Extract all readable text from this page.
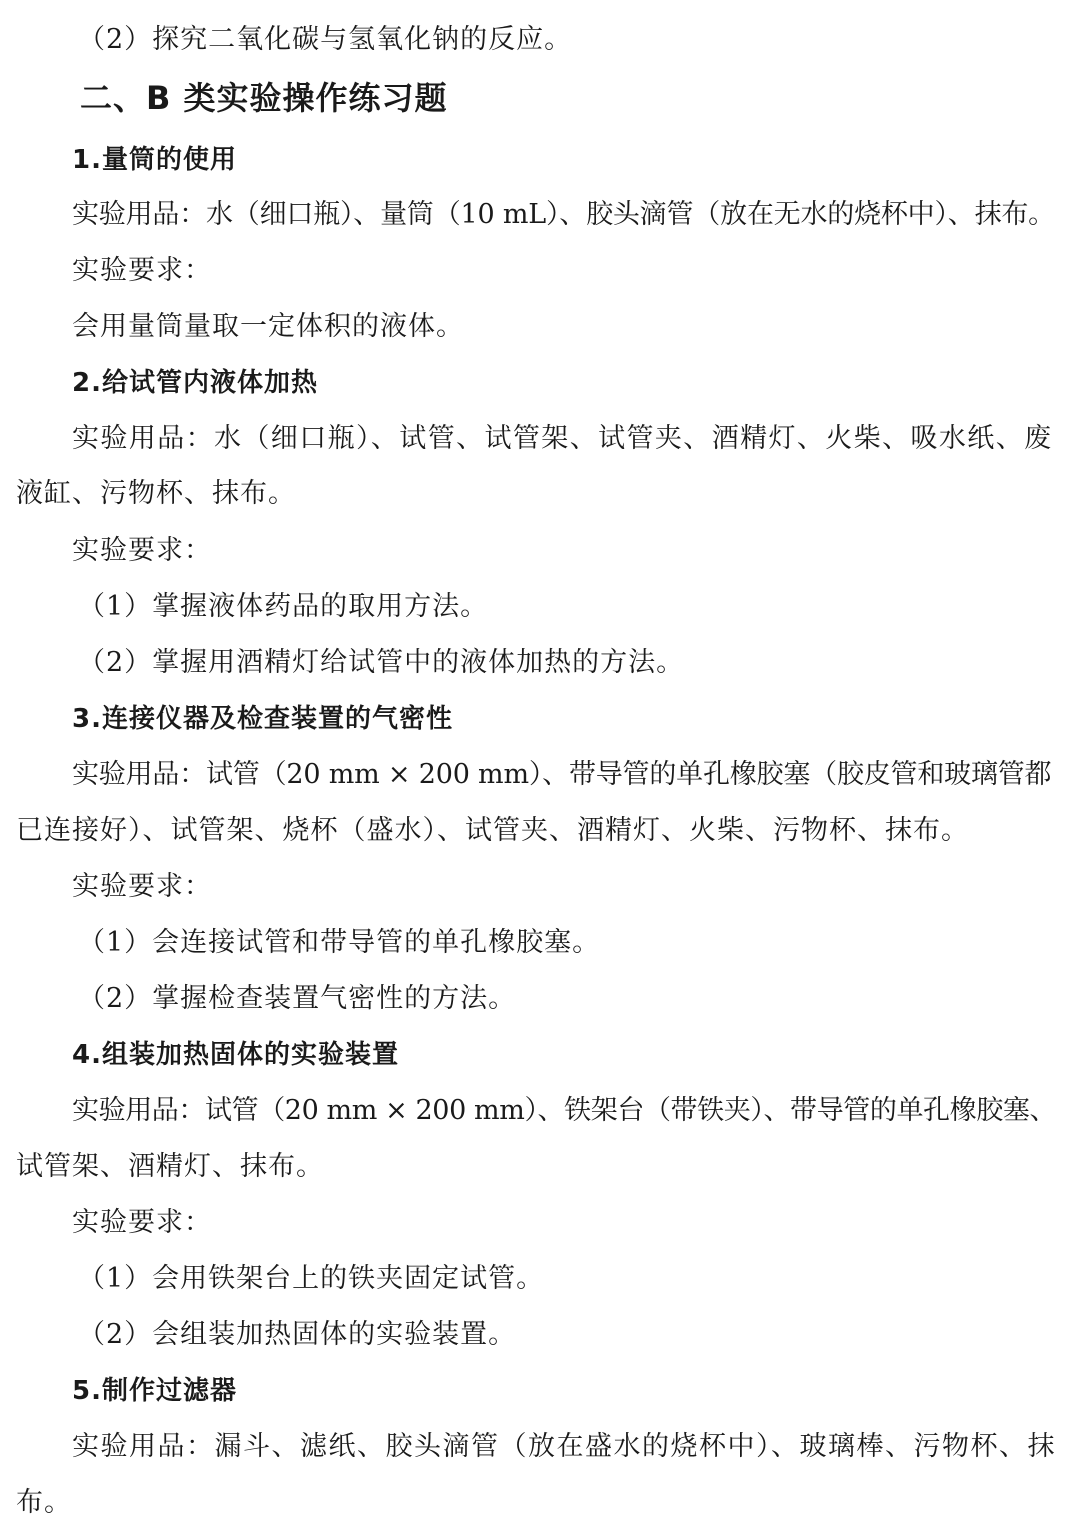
（2）探究二氧化碳与氢氧化钠的反应。
二、B 类实验操作练习题
1.量筒的使用
实验用品：水（细口瓶）、量筒（10 mL）、胶头滴管（放在无水的烧杯中）、抹布。
实验要求：
会用量筒量取一定体积的液体。
2.给试管内液体加热
实验用品：水（细口瓶）、试管、试管架、试管夹、酒精灯、火柴、吸水纸、废
液缸、污物杯、抹布。
实验要求：
（1）掌握液体药品的取用方法。
（2）掌握用酒精灯给试管中的液体加热的方法。
3.连接仪器及检查装置的气密性
实验用品：试管（20 mm × 200 mm）、带导管的单孔橡胶塞（胶皮管和玻璃管都
已连接好）、试管架、烧杯（盛水）、试管夹、酒精灯、火柴、污物杯、抹布。
实验要求：
（1）会连接试管和带导管的单孔橡胶塞。
（2）掌握检查装置气密性的方法。
4.组装加热固体的实验装置
实验用品：试管（20 mm × 200 mm）、铁架台（带铁夹）、带导管的单孔橡胶塞、
试管架、酒精灯、抹布。
实验要求：
（1）会用铁架台上的铁夹固定试管。
（2）会组装加热固体的实验装置。
5.制作过滤器
实验用品：漏斗、滤纸、胶头滴管（放在盛水的烧杯中）、玻璃棒、污物杯、抹
布。
